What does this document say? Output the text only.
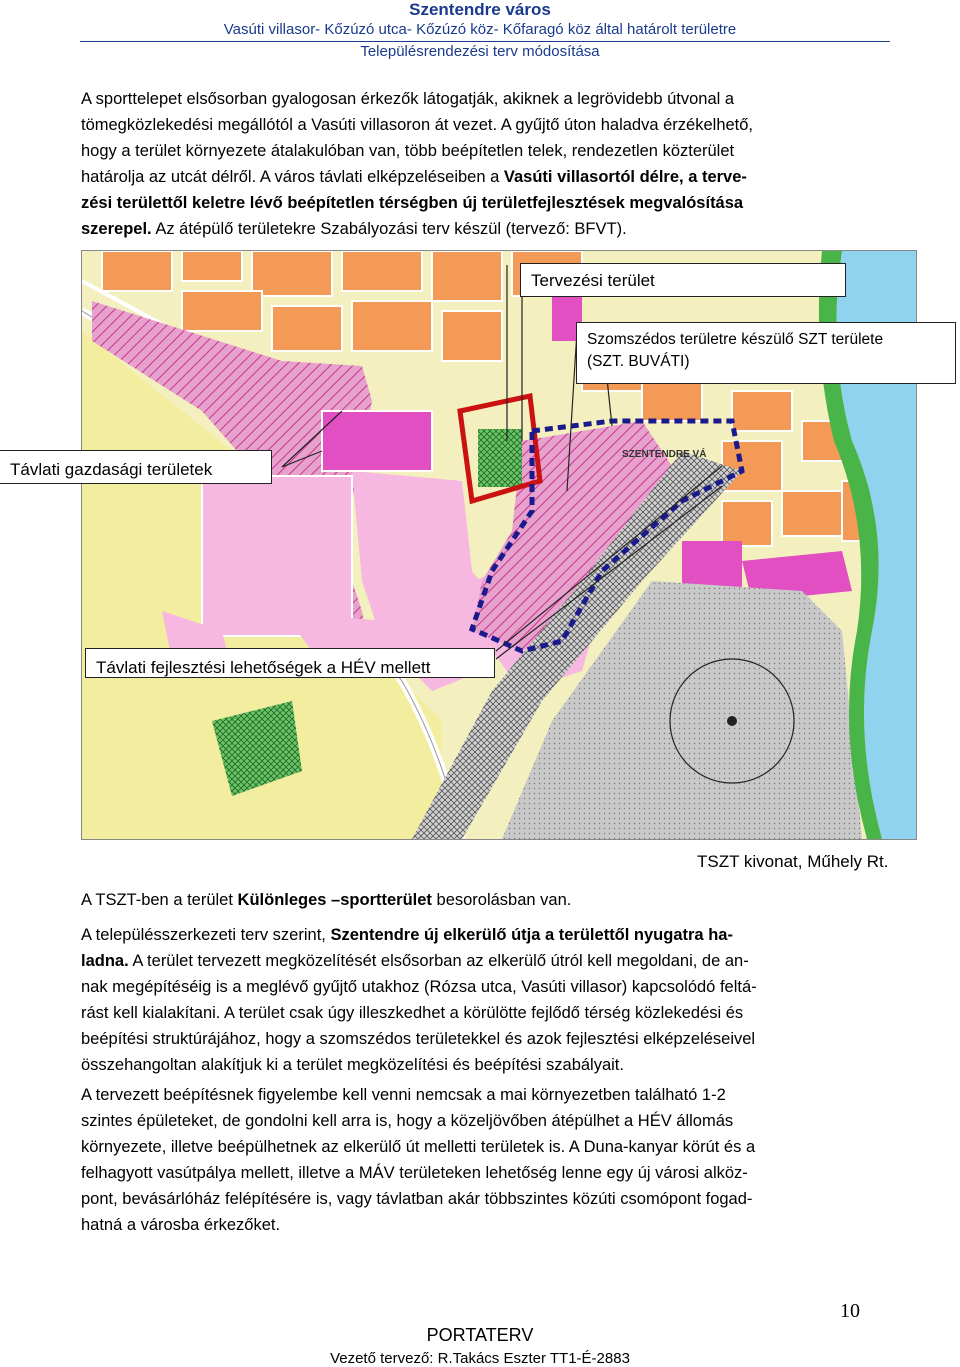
Szentendre város
Vasúti villasor- Kőzúzó utca- Kőzúzó köz- Kőfaragó köz által határolt területre
Településrendezési terv módosítása
A sporttelepet elsősorban gyalogosan érkezők látogatják, akiknek a legrövidebb útvonal a
tömegközlekedési megállótól a Vasúti villasoron át vezet. A gyűjtő úton haladva érzékelhető,
hogy a terület környezete átalakulóban van, több beépítetlen telek, rendezetlen közterület
határolja az utcát délről. A város távlati elképzeléseiben a Vasúti villasortól délre, a terve-
zési területtől keletre lévő beépítetlen térségben új területfejlesztések megvalósítása
szerepel. Az átépülő területekre Szabályozási terv készül (tervező: BFVT).
SZENTENDRE VÁ
Tervezési terület
Szomszédos területre készülő SZT területe
(SZT. BUVÁTI)
Távlati gazdasági területek
Távlati fejlesztési lehetőségek a HÉV mellett
TSZT kivonat, Műhely Rt.
A TSZT-ben a terület Különleges –sportterület besorolásban van.
A településszerkezeti terv szerint, Szentendre új elkerülő útja a területtől nyugatra ha-
ladna. A terület tervezett megközelítését elsősorban az elkerülő útról kell megoldani, de an-
nak megépítéséig is a meglévő gyűjtő utakhoz (Rózsa utca, Vasúti villasor) kapcsolódó feltá-
rást kell kialakítani. A terület csak úgy illeszkedhet a körülötte fejlődő térség közlekedési és
beépítési struktúrájához, hogy a szomszédos területekkel és azok fejlesztési elképzeléseivel
összehangoltan alakítjuk ki a terület megközelítési és beépítési szabályait.
A tervezett beépítésnek figyelembe kell venni nemcsak a mai környezetben található 1-2
szintes épületeket, de gondolni kell arra is, hogy a közeljövőben átépülhet a HÉV állomás
környezete, illetve beépülhetnek az elkerülő út melletti területek is. A Duna-kanyar körút és a
felhagyott vasútpálya mellett, illetve a MÁV területeken lehetőség lenne egy új városi alköz-
pont, bevásárlóház felépítésére is, vagy távlatban akár többszintes közúti csomópont fogad-
hatná a városba érkezőket.
10
PORTATERV
Vezető tervező: R.Takács Eszter TT1-É-2883
